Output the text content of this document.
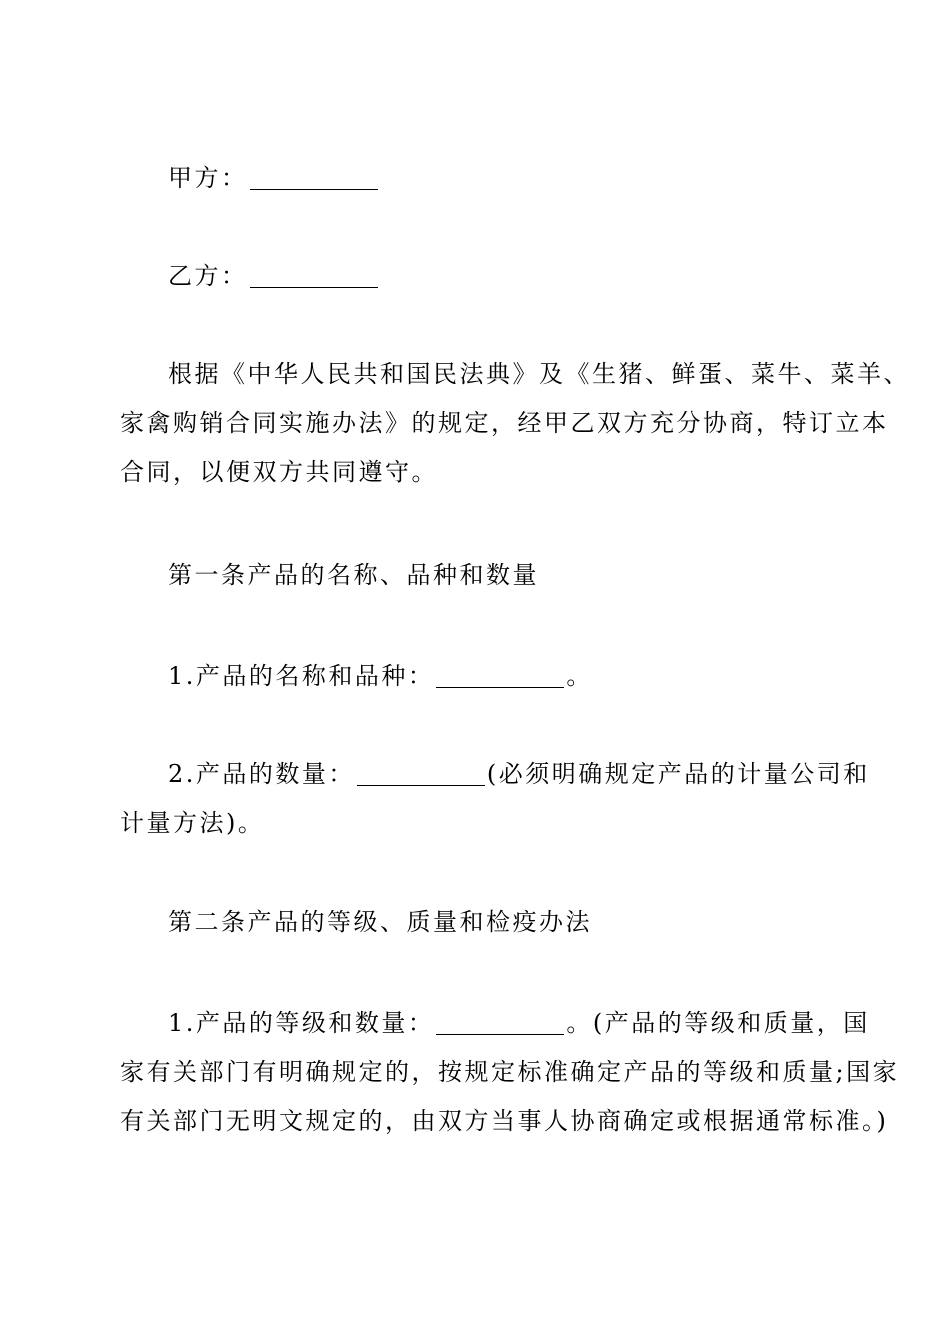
甲方：

乙方：

根据《中华人民共和国民法典》及《生猪、鲜蛋、菜牛、菜羊、
家禽购销合同实施办法》的规定，经甲乙双方充分协商，特订立本
合同，以便双方共同遵守。

第一条产品的名称、品种和数量

1.产品的名称和品种：	。

2.产品的数量：	(必须明确规定产品的计量公司和
计量方法)。

第二条产品的等级、质量和检疫办法

1.产品的等级和数量：	。(产品的等级和质量，国
家有关部门有明确规定的，按规定标准确定产品的等级和质量;国家
有关部门无明文规定的，由双方当事人协商确定或根据通常标准。)
